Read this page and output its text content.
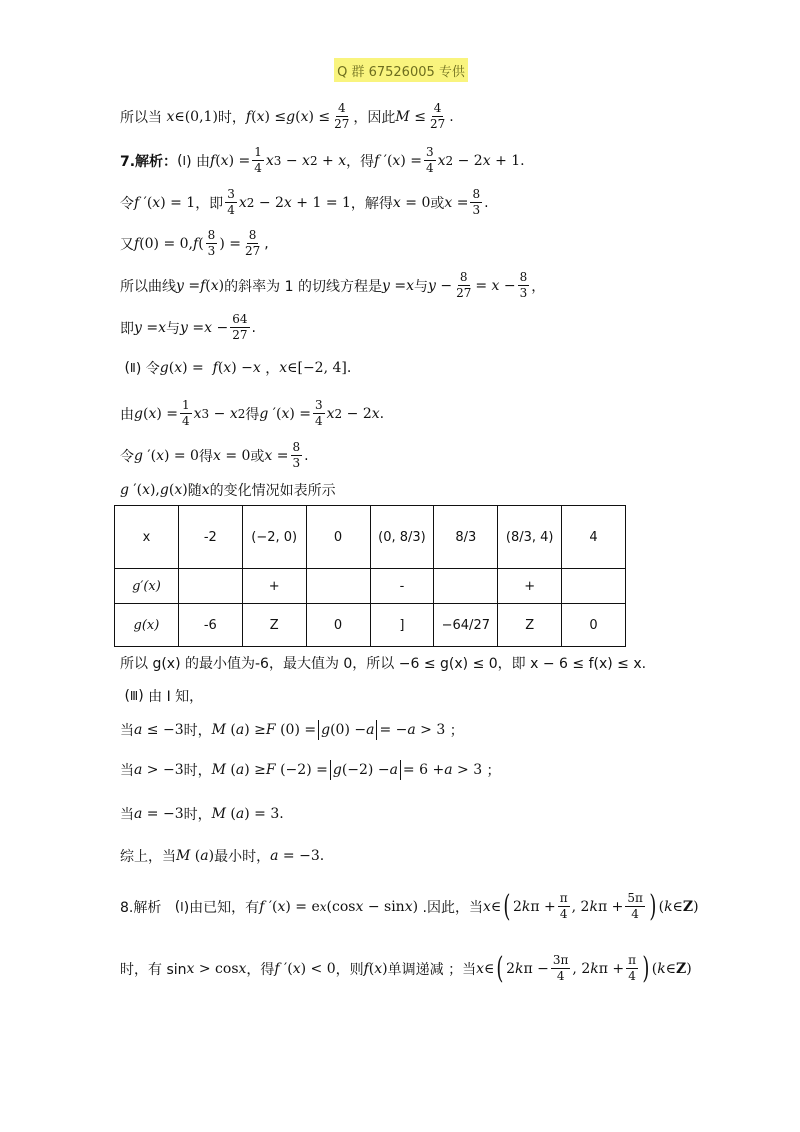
Q 群 67526005 专供
所以当 x ∈(0,1) 时， f ( x ) ≤ g ( x ) ≤ $\frac{4}{27}$ ，因此 $M \le \frac{4}{27}$ .
7.解析： ( Ⅰ ) 由 f ( x ) = $\frac{1}{4}$ x 3 − x 2 + x ，得 f ′( x ) = $\frac{3}{4}$ x 2 − 2 x + 1.
令 f ′( x ) = 1 ，即 $\frac{3}{4}$ x 2 − 2 x + 1 = 1 ，解得 x = 0 或 $x = \frac{8}{3}$ .
又 f (0) = 0, f ( $\frac{8}{3}$ ) = $\frac{8}{27}$ ,
所以曲线 y = f ( x ) 的斜率为 1 的切线方程是 y = x 与 $y - \frac{8}{27} = x - \frac{8}{3}$ ，
即 y = x 与 $y = x - \frac{64}{27}$ .
( Ⅱ ) 令 g ( x ) = f ( x ) − x ， x ∈[−2, 4].
由 g ( x ) = $\frac{1}{4}$ x 3 − x 2 得 g ′( x ) = $\frac{3}{4}$ x 2 − 2 x .
令 g ′( x ) = 0 得 x = 0 或 $x = \frac{8}{3}$ .
g ′( x ), g ( x ) 随 x 的变化情况如表所示
x	-2	(−2, 0)	0	(0, 8/3)	8/3	(8/3, 4)	4
g′(x)		+		-		+	
g(x)	-6	Z	0	]	−64/27	Z	0
所以 g(x) 的最小值为-6，最大值为 0，所以 −6 ≤ g(x) ≤ 0，即 x − 6 ≤ f(x) ≤ x.
( Ⅲ ) 由 Ⅰ 知，
当 a ≤ −3 时， M ( a ) ≥ F (0) = g (0) − a = − a > 3 ；
当 a > −3 时， M ( a ) ≥ F (−2) = g (−2) − a = 6 + a > 3 ；
当 a = −3 时， M ( a ) = 3.
综上，当 M ( a ) 最小时， a = −3.
8.解析 ( Ⅰ )由已知，有 f ′( x ) = e x (cos x − sin x ) .因此，当 x ∈ ( 2 k $\pi + \frac{\pi}{4}$ , 2 k $\pi + \frac{5\pi}{4}$ ) ( k ∈Z)
时，有 sin x > cos x ，得 f ′( x ) < 0 ，则 f ( x ) 单调递减 ；当 x ∈ ( 2 k $\pi - \frac{3\pi}{4}$ , 2 k $\pi + \frac{\pi}{4}$ ) ( k ∈Z)
